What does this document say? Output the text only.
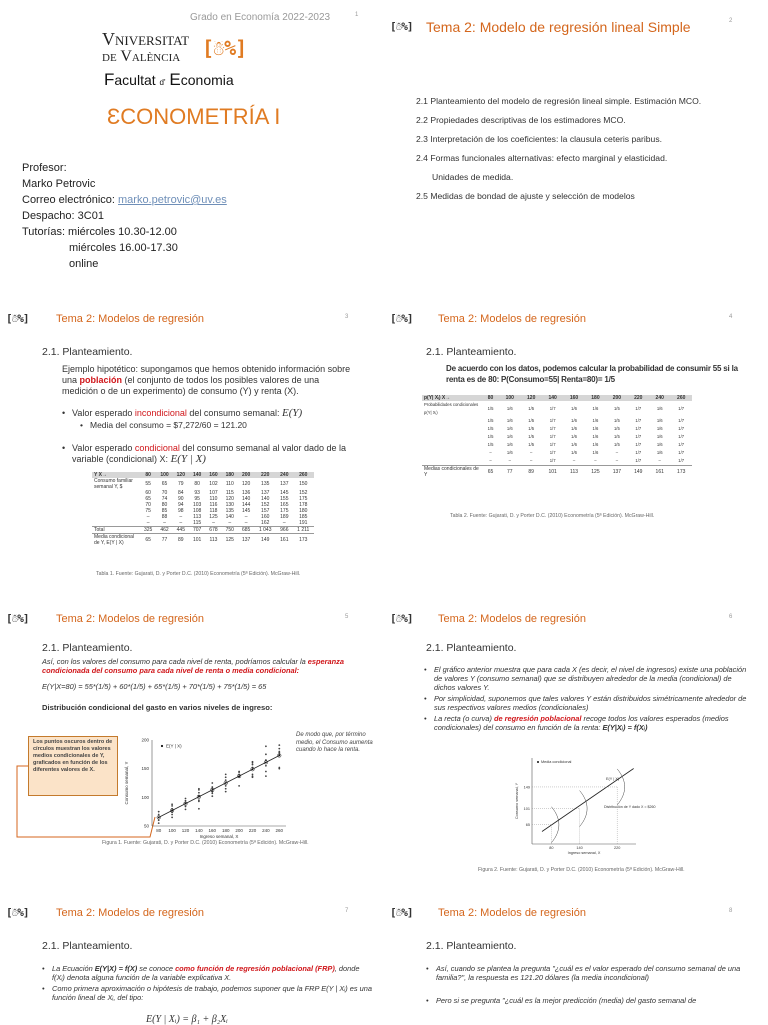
Grado en Economía 2022-2023	1
Vniversitat
de València	[☃%]
Facultat d' Economia
ƐCONOMETRÍA I
Profesor:
Marko Petrovic
Correo electrónico: marko.petrovic@uv.es
Despacho: 3C01
Tutorías: miércoles 10.30-12.00
miércoles 16.00-17.30
online
[☃%] Tema 2: Modelo de regresión lineal Simple	2
2.1 Planteamiento del modelo de regresión lineal simple. Estimación MCO.
2.2 Propiedades descriptivas de los estimadores MCO.
2.3 Interpretación de los coeficientes: la clausula ceteris paribus.
2.4 Formas funcionales alternativas: efecto marginal y elasticidad.
Unidades de medida.
2.5 Medidas de bondad de ajuste y selección de modelos
[☃%]	Tema 2: Modelos de regresión	3
2.1. Planteamiento.
Ejemplo hipotético: supongamos que hemos obtenido información sobre una población (el conjunto de todos los posibles valores de una medición o de un experimento) de consumo (Y) y renta (X).
• Valor esperado incondicional del consumo semanal: E(Y)
• Media del consumo = $7,272/60 = 121.20
• Valor esperado condicional del consumo semanal al valor dado de la variable (condicional) X: E(Y | X)
Y X→	80	100	120	140	160	180	200	220	240	260
Consumo familiar semanal Y, $	55	65	79	80	102	110	120	135	137	150
	60	70	84	93	107	115	136	137	145	152
	65	74	90	95	110	120	140	140	155	175
	70	80	94	103	116	130	144	152	165	178
	75	85	98	108	118	135	145	157	175	180
	–	88	–	113	125	140	–	160	189	185
	–	–	–	115	–	–	–	162	–	191
Total	325	462	445	707	678	750	685	1 043	966	1 211
Media condicional de Y, E(Y | X)	65	77	89	101	113	125	137	149	161	173
Tabla 1. Fuente: Gujarati, D. y Porter D.C. (2010) Econometría (5ª Edición). McGraw-Hill.
[☃%] Tema 2: Modelos de regresión	4
2.1. Planteamiento.
De acuerdo con los datos, podemos calcular la probabilidad de consumir 55 si la renta es de 80: P(Consumo=55| Renta=80)= 1/5
p(Y| Xᵢ) X→	80	100	120	140	160	180	200	220	240	260
Probabilidades condicionales p(Y| Xᵢ)	1/5	1/6	1/5	1/7	1/6	1/6	1/5	1/7	1/6	1/7
	1/5	1/6	1/5	1/7	1/6	1/6	1/5	1/7	1/6	1/7
	1/5	1/6	1/5	1/7	1/6	1/6	1/5	1/7	1/6	1/7
	1/5	1/6	1/5	1/7	1/6	1/6	1/5	1/7	1/6	1/7
	1/5	1/6	1/5	1/7	1/6	1/6	1/5	1/7	1/6	1/7
	–	1/6	–	1/7	1/6	1/6	–	1/7	1/6	1/7
	–	–	–	1/7	–	–	–	1/7	–	1/7
Medias condicionales de Y	65	77	89	101	113	125	137	149	161	173
Tabla 2. Fuente: Gujarati, D. y Porter D.C. (2010) Econometría (5ª Edición). McGraw-Hill.
[☃%]	Tema 2: Modelos de regresión	5
2.1. Planteamiento.
Así, con los valores del consumo para cada nivel de renta, podríamos calcular la esperanza condicionada del consumo para cada nivel de renta o media condicional:
E(Y|X=80) = 55*(1/5) + 60*(1/5) + 65*(1/5) + 70*(1/5) + 75*(1/5) = 65
Distribución condicional del gasto en varios niveles de ingreso:
Los puntos oscuros dentro de círculos muestran los valores medios condicionales de Y, graficados en función de los diferentes valores de X.
De modo que, por término medio, el Consumo aumenta cuando lo hace la renta.
80 100 120 140 160 180 200 220 240 260
50
100
150
200
Ingreso semanal, X
Consumo semanal, Y
E(Y | X)
Figura 1. Fuente: Gujarati, D. y Porter D.C. (2010) Econometría (5ª Edición). McGraw-Hill.
[☃%] Tema 2: Modelos de regresión	6
2.1. Planteamiento.
• El gráfico anterior muestra que para cada X (es decir, el nivel de ingresos) existe una población de valores Y (consumo semanal) que se distribuyen alrededor de la media (condicional) de dichos valores Y.
• Por simplicidad, suponemos que tales valores Y están distribuidos simétricamente alrededor de sus respectivos valores medios (condicionales)
• La recta (o curva) de regresión poblacional recoge todos los valores esperados (medios condicionales) del consumo en función de la renta: E(Y|Xᵢ) = f(Xᵢ)
80
65
140
101
220
149
E(Y | X)
Distribución de Y dado X = $260
Media condicional
Ingreso semanal, X
Consumo semanal, Y
Figura 2. Fuente: Gujarati, D. y Porter D.C. (2010) Econometría (5ª Edición). McGraw-Hill.
[☃%]	Tema 2: Modelos de regresión	7
2.1. Planteamiento.
• La Ecuación E(Y|X) = f(X) se conoce como función de regresión poblacional (FRP), donde f(Xᵢ) denota alguna función de la variable explicativa X.
• Como primera aproximación o hipótesis de trabajo, podemos suponer que la FRP E(Y | Xᵢ) es una función lineal de Xᵢ, del tipo:
E(Y | Xᵢ) = β₁ + β₂Xᵢ
[☃%] Tema 2: Modelos de regresión	8
2.1. Planteamiento.
• Así, cuando se plantea la pregunta "¿cuál es el valor esperado del consumo semanal de una familia?", la respuesta es 121.20 dólares (la media incondicional)
• Pero si se pregunta "¿cuál es la mejor predicción (media) del gasto semanal de
